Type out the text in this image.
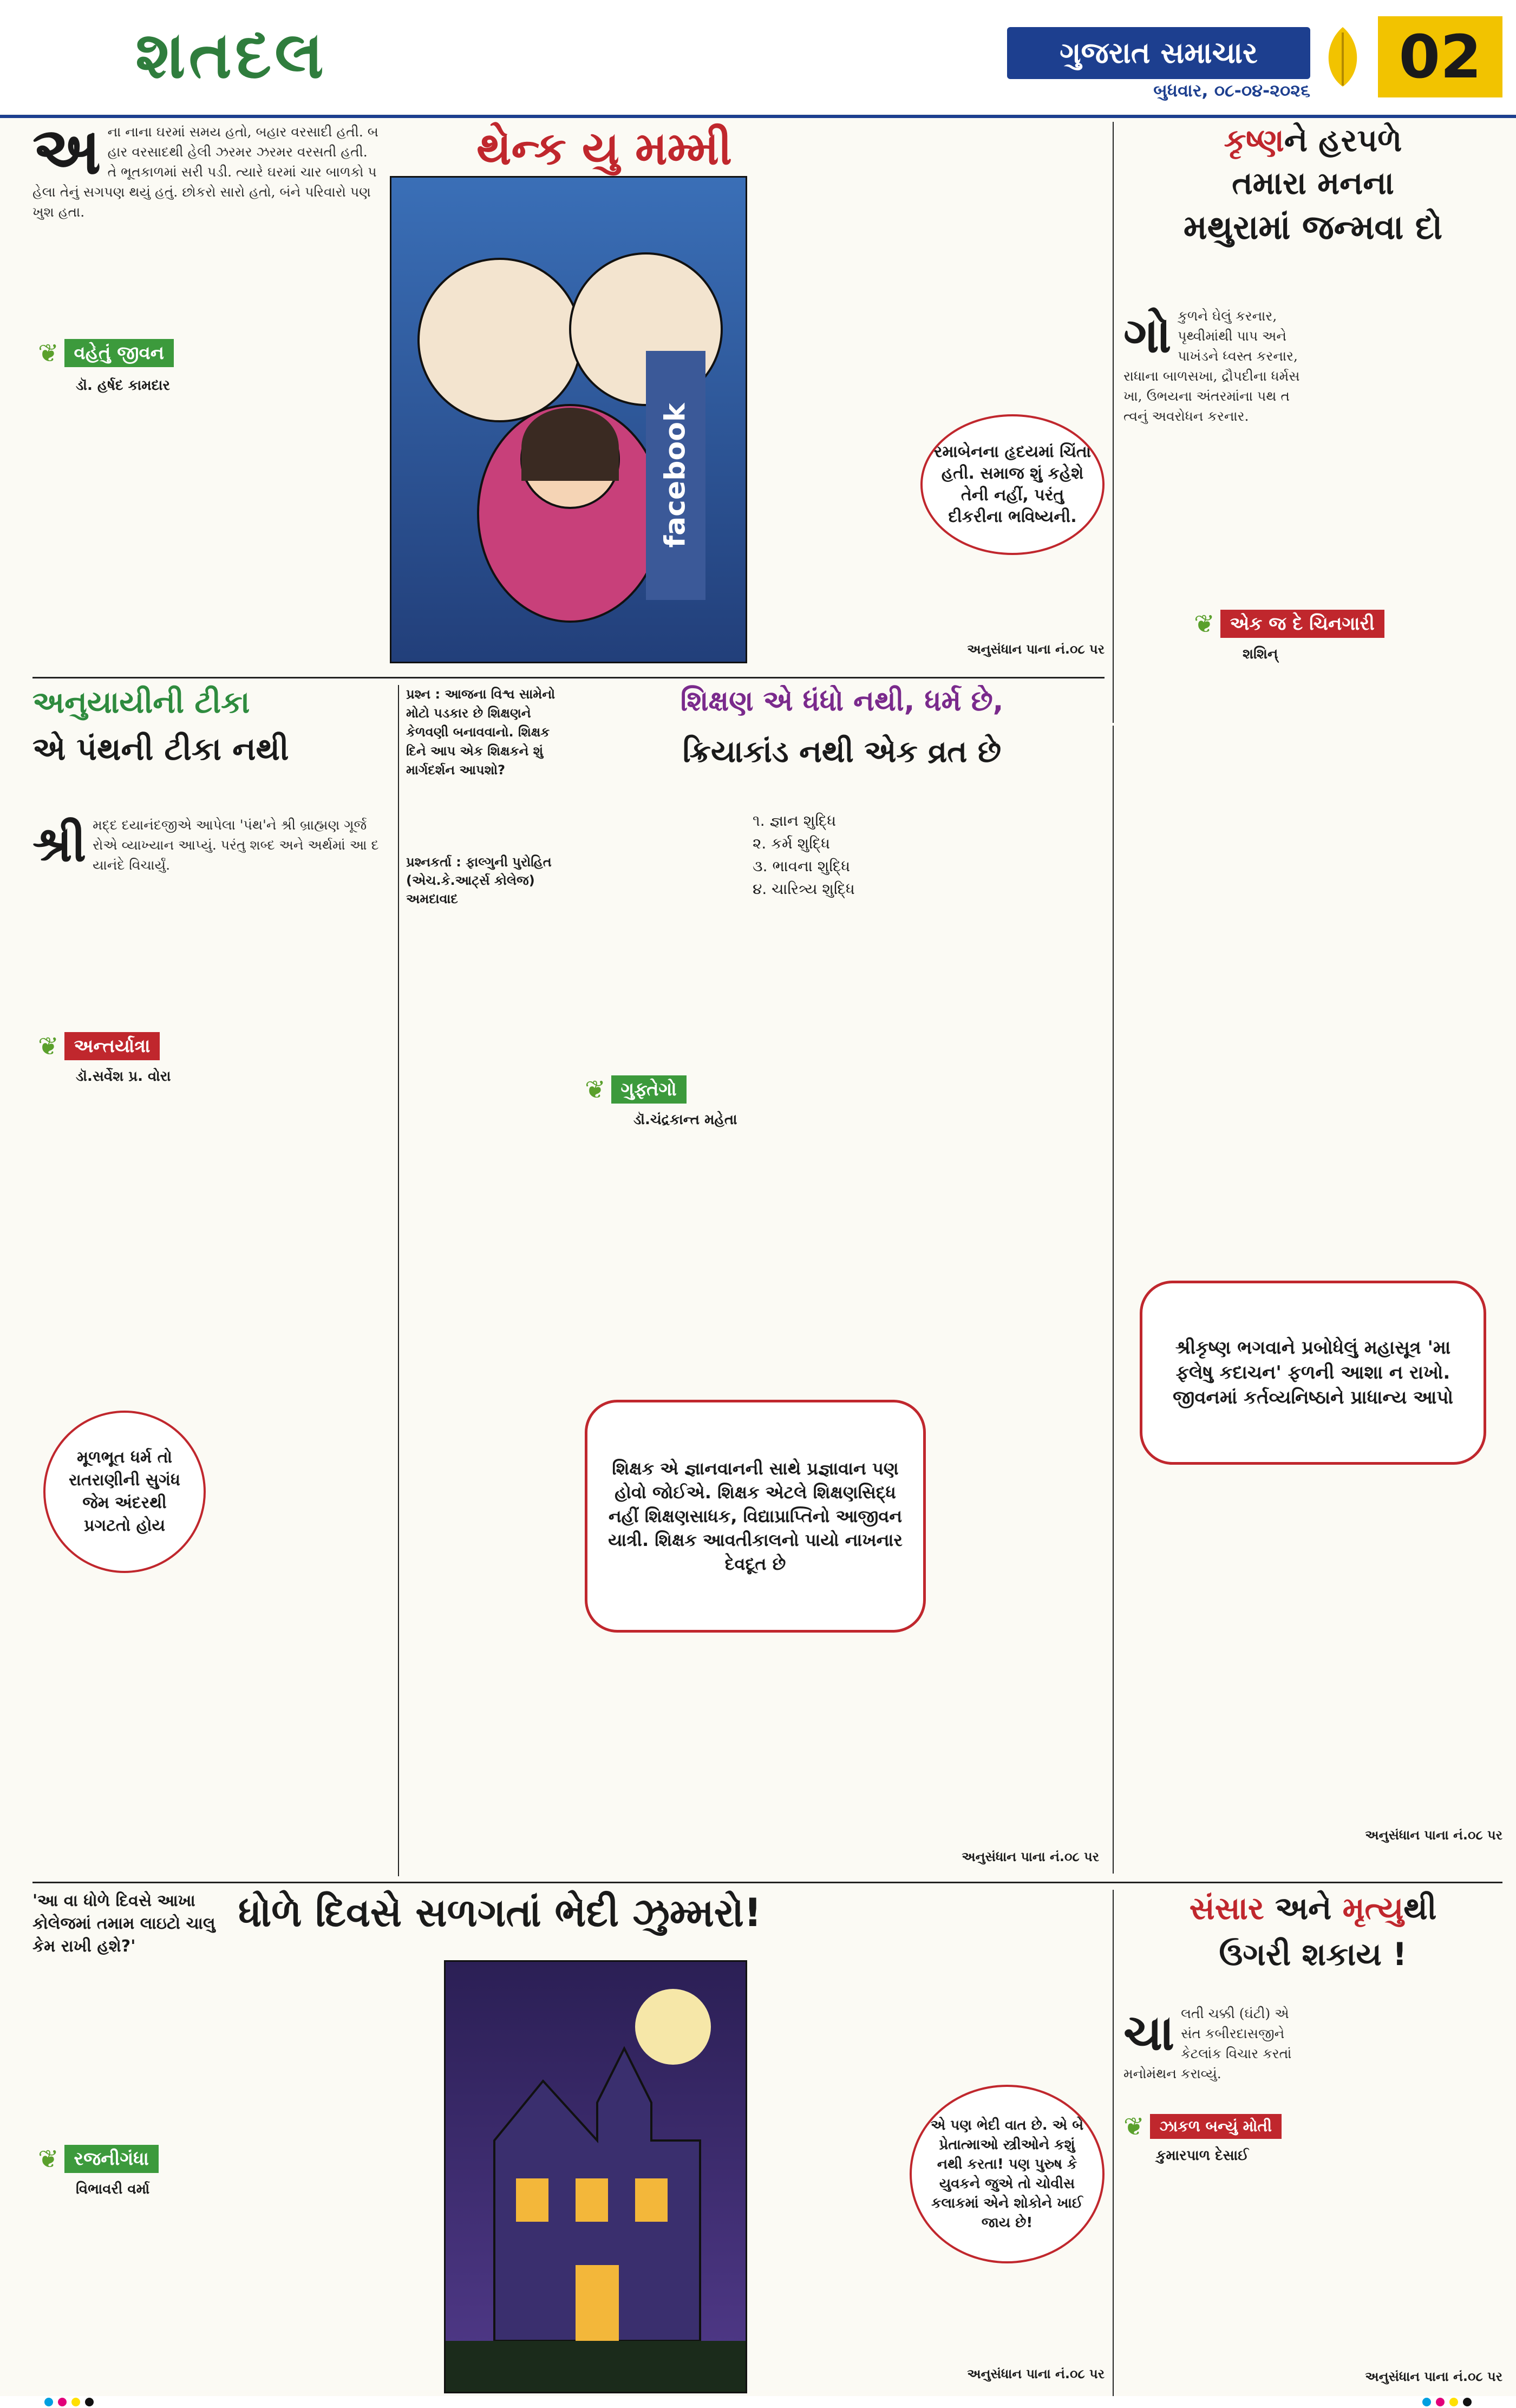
શતદલ	ગુજરાત સમાચાર
બુધવાર, ૦૮-૦૪-૨૦૨૬ 02
અ ના નાના ઘરમાં સમય હતો, બહાર વરસાદી હતી. બહાર વરસાદથી હેલી ઝરમર ઝરમર વરસતી હતી. તે ભૂતકાળમાં સરી પડી. ત્યારે ઘરમાં ચાર બાળકો પહેલા તેનું સગપણ થયું હતું. છોકરો સારો હતો, બંને પરિવારો પણ ખુશ હતા.
❦ વહેતું જીવન
ડૉ. હર્ષદ કામદાર
થેન્ક યુ મમ્મી
facebook	રમાબેનના હૃદયમાં ચિંતા હતી. સમાજ શું કહેશે તેની નહીં, પરંતુ દીકરીના ભવિષ્યની.
અનુસંધાન પાના નં.૦૮ પર
કૃષ્ણને હરપળે
તમારા મનના
મથુરામાં જન્મવા દો
ગો કુળને ઘેલું કરનાર, પૃથ્વીમાંથી પાપ અને પાખંડને ધ્વસ્ત કરનાર, રાધાના બાળસખા, દ્રૌપદીના ધર્મસખા, ઉભયના અંતરમાંના પથ તત્વનું અવરોધન કરનાર.
❦ એક જ દે ચિનગારી
શશિન્
શ્રીકૃષ્ણ ભગવાને પ્રબોધેલું મહાસૂત્ર 'મા ફલેષુ કદાચન' ફળની આશા ન રાખો. જીવનમાં કર્તવ્યનિષ્ઠાને પ્રાધાન્ય આપો
અનુસંધાન પાના નં.૦૮ પર
અનુયાયીની ટીકા
એ પંથની ટીકા નથી
શ્રી મદ્દ દયાનંદજીએ આપેલા 'પંથ'ને શ્રી બ્રાહ્મણ ગૂર્જરોએ વ્યાખ્યાન આપ્યું. પરંતુ શબ્દ અને અર્થમાં આ દયાનંદે વિચાર્યું.
❦ અન્તર્યાત્રા
ડૉ.સર્વેશ પ્ર. વોરા
મૂળભૂત ધર્મ તો રાતરાણીની સુગંધ જેમ અંદરથી પ્રગટતો હોય
પ્રશ્ન : આજના વિશ્વ સામેનો મોટો પડકાર છે શિક્ષણને કેળવણી બનાવવાનો. શિક્ષક દિને આપ એક શિક્ષકને શું માર્ગદર્શન આપશો?
શિક્ષણ એ ધંધો નથી, ધર્મ છે,
ક્રિયાકાંડ નથી એક વ્રત છે
પ્રશ્નકર્તા : ફાલ્ગુની પુરોહિત (એચ.કે.આર્ટ્સ કોલેજ) અમદાવાદ
૧. જ્ઞાન શુદ્ધિ
૨. કર્મ શુદ્ધિ
૩. ભાવના શુદ્ધિ
૪. ચારિત્ર્ય શુદ્ધિ
❦ ગુફ્તેગો
ડૉ.ચંદ્રકાન્ત મહેતા
શિક્ષક એ જ્ઞાનવાનની સાથે પ્રજ્ઞાવાન પણ હોવો જોઈએ. શિક્ષક એટલે શિક્ષણસિદ્ધ નહીં શિક્ષણસાધક, વિદ્યાપ્રાપ્તિનો આજીવન યાત્રી. શિક્ષક આવતીકાલનો પાયો નાખનાર દેવદૂત છે
અનુસંધાન પાના નં.૦૮ પર
'આ વા ધોળે દિવસે આખા કોલેજમાં તમામ લાઇટો ચાલુ કેમ રાખી હશે?'
ધોળે દિવસે સળગતાં ભેદી ઝુમ્મરો!
❦ રજનીગંધા
વિભાવરી વર્મા
એ પણ ભેદી વાત છે. એ બે પ્રેતાત્માઓ સ્ત્રીઓને કશું નથી કરતા! પણ પુરુષ કે યુવકને જુએ તો ચોવીસ કલાકમાં એને શોકોને ખાઈ જાય છે!
અનુસંધાન પાના નં.૦૮ પર
સંસાર અને મૃત્યુથી
ઉગરી શકાય !
ચા લતી ચક્કી (ઘંટી) એ સંત કબીરદાસજીને કેટલાંક વિચાર કરતાં મનોમંથન કરાવ્યું.
❦	ઝાકળ બન્યું મોતી
કુમારપાળ દેસાઈ
અનુસંધાન પાના નં.૦૮ પર
